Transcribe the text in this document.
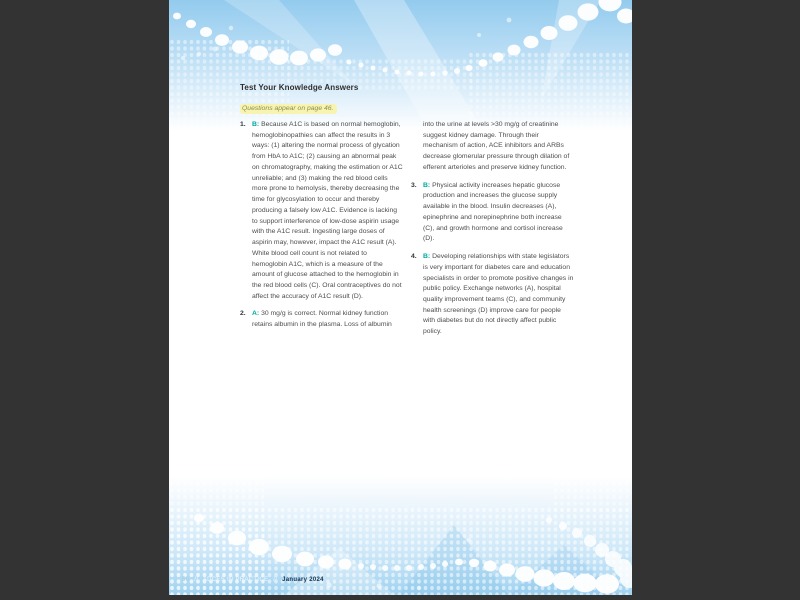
Test Your Knowledge Answers
Questions appear on page 46.
1. B: Because A1C is based on normal hemoglobin, hemoglobinopathies can affect the results in 3 ways: (1) altering the normal process of glycation from HbA to A1C; (2) causing an abnormal peak on chromatography, making the estimation or A1C unreliable; and (3) making the red blood cells more prone to hemolysis, thereby decreasing the time for glycosylation to occur and thereby producing a falsely low A1C. Evidence is lacking to support interference of low-dose aspirin usage with the A1C result. Ingesting large doses of aspirin may, however, impact the A1C result (A). White blood cell count is not related to hemoglobin A1C, which is a measure of the amount of glucose attached to the hemoglobin in the red blood cells (C). Oral contraceptives do not affect the accuracy of A1C result (D).
2. A: 30 mg/g is correct. Normal kidney function retains albumin in the plasma. Loss of albumin
into the urine at levels >30 mg/g of creatinine suggest kidney damage. Through their mechanism of action, ACE inhibitors and ARBs decrease glomerular pressure through dilation of efferent arterioles and preserve kidney function.
3. B: Physical activity increases hepatic glucose production and increases the glucose supply available in the blood. Insulin decreases (A), epinephrine and norepinephrine both increase (C), and growth hormone and cortisol increase (D).
4. B: Developing relationships with state legislators is very important for diabetes care and education specialists in order to promote positive changes in public policy. Exchange networks (A), hospital quality improvement teams (C), and community health screenings (D) improve care for people with diabetes but do not directly affect public policy.
50 // ADCES IN PRACTICE // January 2024
